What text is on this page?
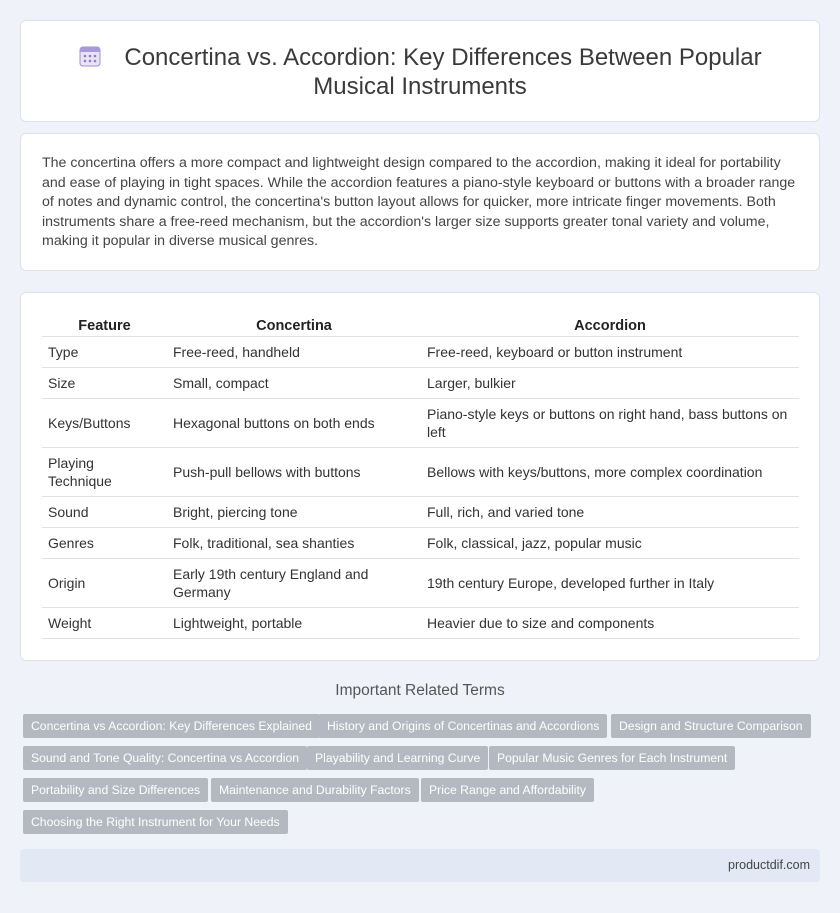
Concertina vs. Accordion: Key Differences Between Popular Musical Instruments

The concertina offers a more compact and lightweight design compared to the accordion, making it ideal for portability and ease of playing in tight spaces. While the accordion features a piano-style keyboard or buttons with a broader range of notes and dynamic control, the concertina's button layout allows for quicker, more intricate finger movements. Both instruments share a free-reed mechanism, but the accordion's larger size supports greater tonal variety and volume, making it popular in diverse musical genres.

Feature	Concertina	Accordion
Type	Free-reed, handheld	Free-reed, keyboard or button instrument
Size	Small, compact	Larger, bulkier
Keys/Buttons	Hexagonal buttons on both ends	Piano-style keys or buttons on right hand, bass buttons on left
Playing Technique	Push-pull bellows with buttons	Bellows with keys/buttons, more complex coordination
Sound	Bright, piercing tone	Full, rich, and varied tone
Genres	Folk, traditional, sea shanties	Folk, classical, jazz, popular music
Origin	Early 19th century England and Germany	19th century Europe, developed further in Italy
Weight	Lightweight, portable	Heavier due to size and components
Important Related Terms
Concertina vs Accordion: Key Differences Explained	History and Origins of Concertinas and Accordions	Design and Structure Comparison
Sound and Tone Quality: Concertina vs Accordion	Playability and Learning Curve	Popular Music Genres for Each Instrument
Portability and Size Differences	Maintenance and Durability Factors	Price Range and Affordability
Choosing the Right Instrument for Your Needs
productdif.com
